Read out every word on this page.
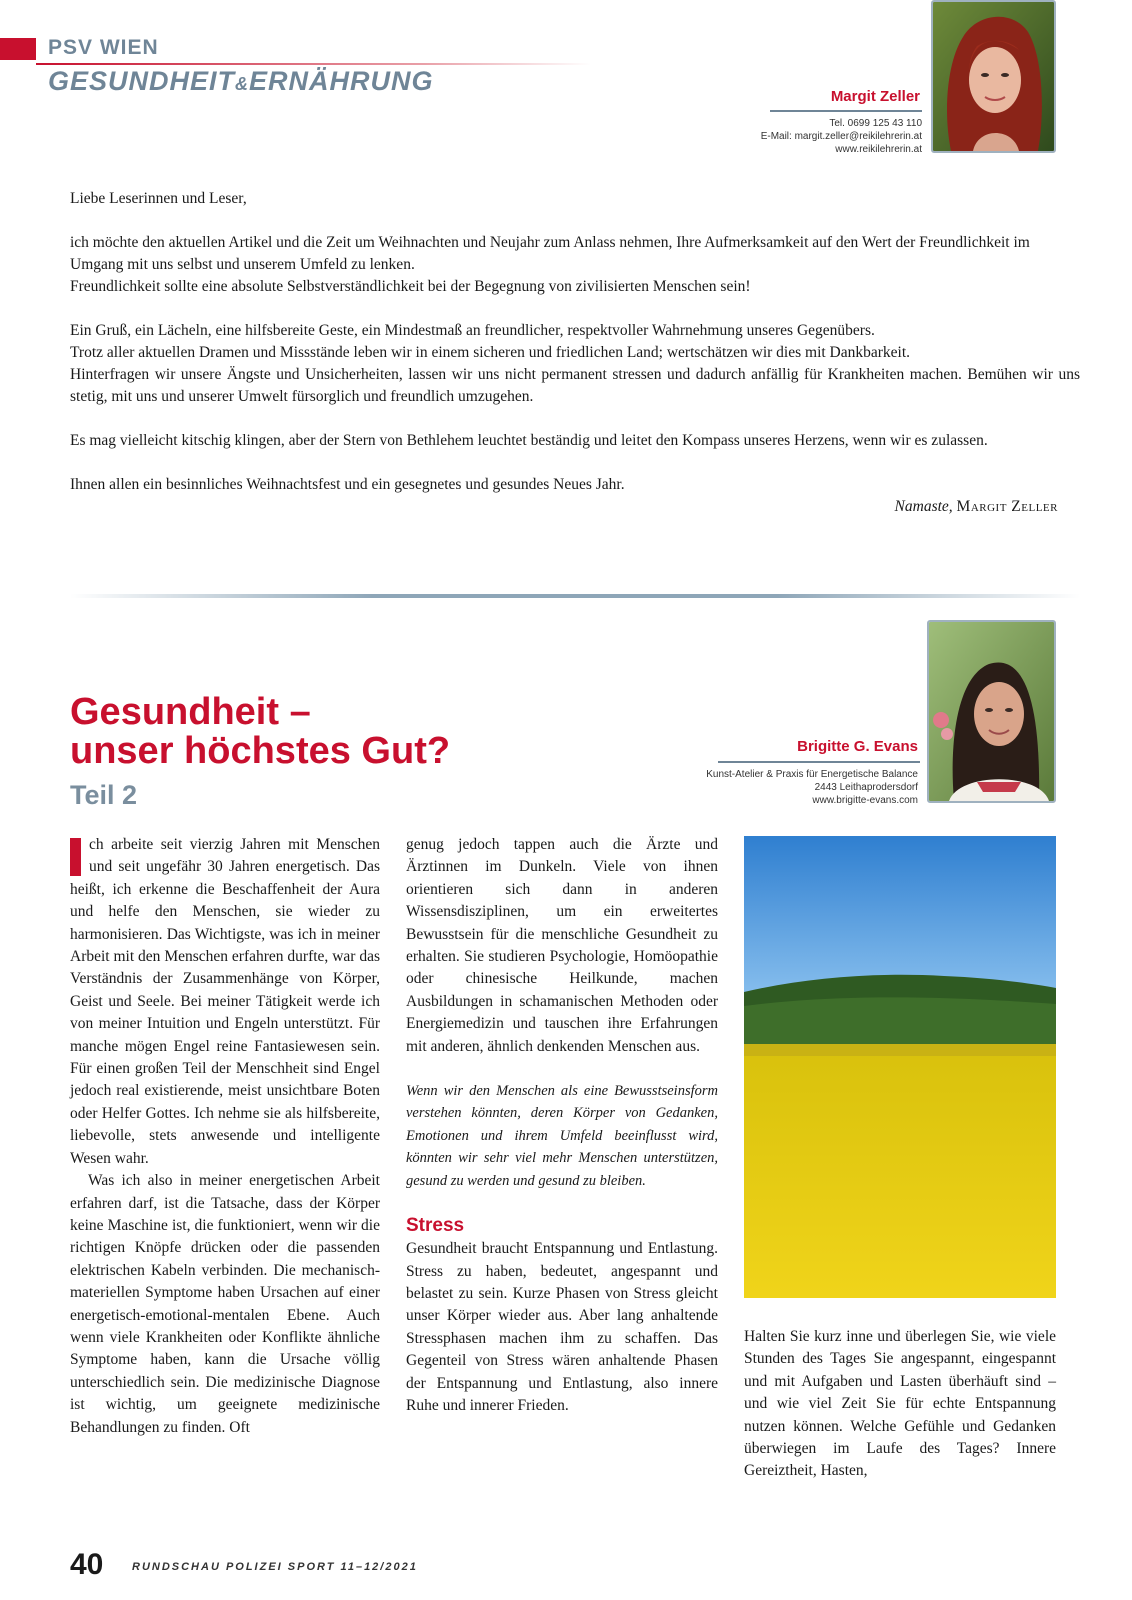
PSV WIEN
GESUNDHEIT&ERNÄHRUNG
Margit Zeller
Tel. 0699 125 43 110
E-Mail: margit.zeller@reikilehrerin.at
www.reikilehrerin.at

Liebe Leserinnen und Leser,

ich möchte den aktuellen Artikel und die Zeit um Weihnachten und Neujahr zum Anlass nehmen, Ihre Aufmerksamkeit auf den Wert der Freundlichkeit im Umgang mit uns selbst und unserem Umfeld zu lenken.

Freundlichkeit sollte eine absolute Selbstverständlichkeit bei der Begegnung von zivilisierten Menschen sein!

Ein Gruß, ein Lächeln, eine hilfsbereite Geste, ein Mindestmaß an freundlicher, respektvoller Wahrnehmung unseres Gegenübers.

Trotz aller aktuellen Dramen und Missstände leben wir in einem sicheren und friedlichen Land; wertschätzen wir dies mit Dankbarkeit.

Hinterfragen wir unsere Ängste und Unsicherheiten, lassen wir uns nicht permanent stressen und dadurch anfällig für Krankheiten machen. Bemühen wir uns stetig, mit uns und unserer Umwelt fürsorglich und freundlich umzugehen.

Es mag vielleicht kitschig klingen, aber der Stern von Bethlehem leuchtet beständig und leitet den Kompass unseres Herzens, wenn wir es zulassen.

Ihnen allen ein besinnliches Weihnachtsfest und ein gesegnetes und gesundes Neues Jahr.

Namaste, Margit Zeller

Gesundheit –
unser höchstes Gut?
Teil 2
Brigitte G. Evans
Kunst-Atelier & Praxis für Energetische Balance
2443 Leithaprodersdorf
www.brigitte-evans.com

ch arbeite seit vierzig Jahren mit Menschen und seit ungefähr 30 Jahren energetisch. Das heißt, ich erkenne die Beschaffenheit der Aura und helfe den Menschen, sie wieder zu harmonisieren. Das Wichtigste, was ich in meiner Arbeit mit den Menschen erfahren durfte, war das Verständnis der Zusammenhänge von Körper, Geist und Seele. Bei meiner Tätigkeit werde ich von meiner Intuition und Engeln unterstützt. Für manche mögen Engel reine Fantasiewesen sein. Für einen großen Teil der Menschheit sind Engel jedoch real existierende, meist unsichtbare Boten oder Helfer Gottes. Ich nehme sie als hilfsbereite, liebevolle, stets anwesende und intelligente Wesen wahr.

Was ich also in meiner energetischen Arbeit erfahren darf, ist die Tatsache, dass der Körper keine Maschine ist, die funktioniert, wenn wir die richtigen Knöpfe drücken oder die passenden elektrischen Kabeln verbinden. Die mechanisch-materiellen Symptome haben Ursachen auf einer energetisch-emotional-mentalen Ebene. Auch wenn viele Krankheiten oder Konflikte ähnliche Symptome haben, kann die Ursache völlig unterschiedlich sein. Die medizinische Diagnose ist wichtig, um geeignete medizinische Behandlungen zu finden. Oft

genug jedoch tappen auch die Ärzte und Ärztinnen im Dunkeln. Viele von ihnen orientieren sich dann in anderen Wissensdisziplinen, um ein erweitertes Bewusstsein für die menschliche Gesundheit zu erhalten. Sie studieren Psychologie, Homöopathie oder chinesische Heilkunde, machen Ausbildungen in schamanischen Methoden oder Energiemedizin und tauschen ihre Erfahrungen mit anderen, ähnlich denkenden Menschen aus.

Wenn wir den Menschen als eine Bewusstseinsform verstehen könnten, deren Körper von Gedanken, Emotionen und ihrem Umfeld beeinflusst wird, könnten wir sehr viel mehr Menschen unterstützen, gesund zu werden und gesund zu bleiben.

Stress

Gesundheit braucht Entspannung und Entlastung. Stress zu haben, bedeutet, angespannt und belastet zu sein. Kurze Phasen von Stress gleicht unser Körper wieder aus. Aber lang anhaltende Stressphasen machen ihm zu schaffen. Das Gegenteil von Stress wären anhaltende Phasen der Entspannung und Entlastung, also innere Ruhe und innerer Frieden.

Halten Sie kurz inne und überlegen Sie, wie viele Stunden des Tages Sie angespannt, eingespannt und mit Aufgaben und Lasten überhäuft sind – und wie viel Zeit Sie für echte Entspannung nutzen können. Welche Gefühle und Gedanken überwiegen im Laufe des Tages? Innere Gereiztheit, Hasten,

40	RUNDSCHAU POLIZEI SPORT 11–12/2021
